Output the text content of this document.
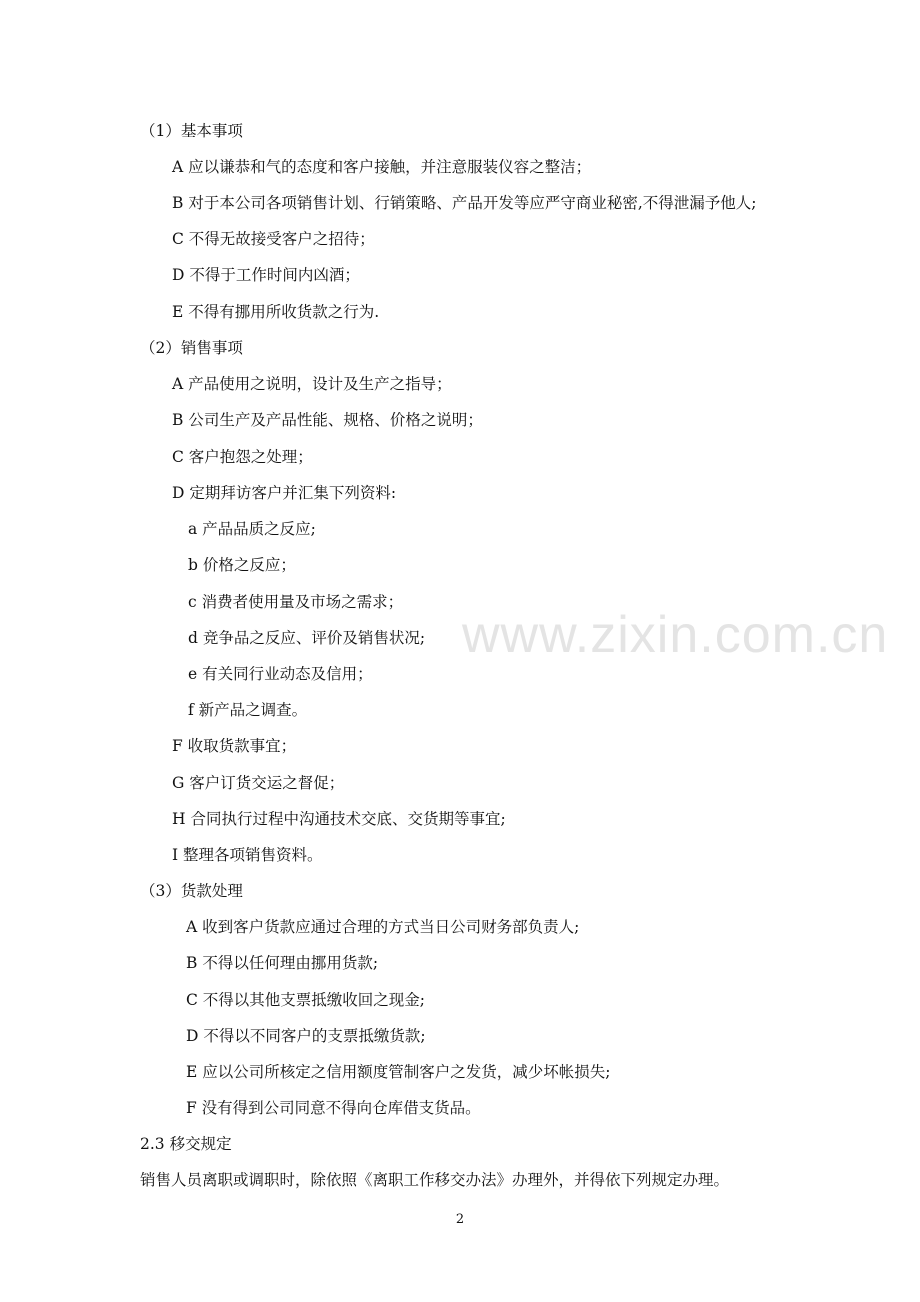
www.zixin.com.cn
（1）基本事项
A 应以谦恭和气的态度和客户接触，并注意服装仪容之整洁；
B 对于本公司各项销售计划、行销策略、产品开发等应严守商业秘密,不得泄漏予他人;
C 不得无故接受客户之招待；
D 不得于工作时间内凶酒；
E 不得有挪用所收货款之行为.
（2）销售事项
A 产品使用之说明，设计及生产之指导；
B 公司生产及产品性能、规格、价格之说明；
C 客户抱怨之处理；
D 定期拜访客户并汇集下列资料:
a 产品品质之反应;
b 价格之反应；
c 消费者使用量及市场之需求；
d 竞争品之反应、评价及销售状况;
e 有关同行业动态及信用；
f 新产品之调查。
F 收取货款事宜；
G 客户订货交运之督促；
H 合同执行过程中沟通技术交底、交货期等事宜;
I 整理各项销售资料。
（3）货款处理
A 收到客户货款应通过合理的方式当日公司财务部负责人;
B 不得以任何理由挪用货款;
C 不得以其他支票抵缴收回之现金;
D 不得以不同客户的支票抵缴货款;
E 应以公司所核定之信用额度管制客户之发货，减少坏帐损失;
F 没有得到公司同意不得向仓库借支货品。
2.3 移交规定
销售人员离职或调职时，除依照《离职工作移交办法》办理外，并得依下列规定办理。
2
